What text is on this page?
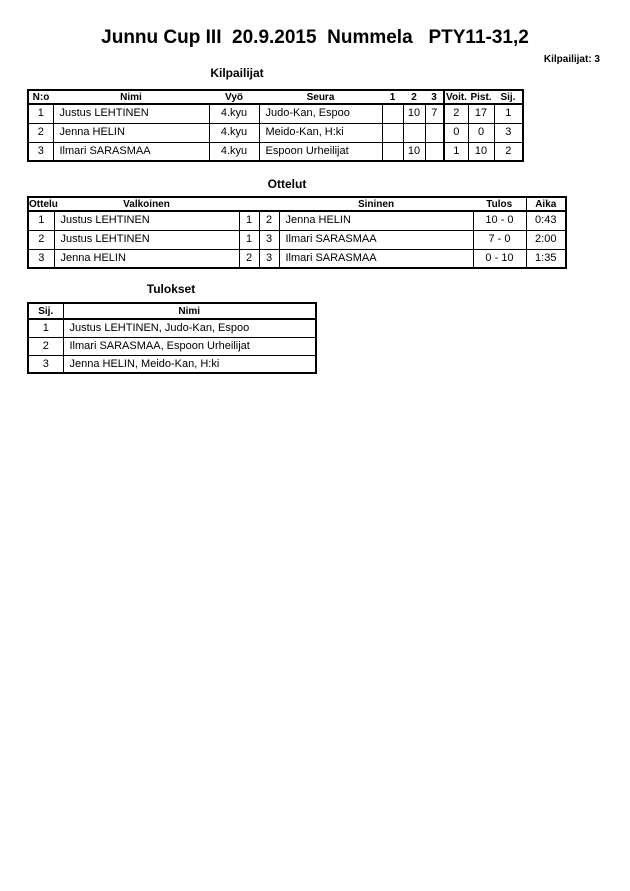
Junnu Cup III  20.9.2015  Nummela   PTY11-31,2
Kilpailijat: 3
Kilpailijat
N:o	Nimi	Vyö	Seura	1	2	3	Voit.	Pist.	Sij.
1	Justus LEHTINEN	4.kyu	Judo-Kan, Espoo		10	7	2	17	1
2	Jenna HELIN	4.kyu	Meido-Kan, H:ki				0	0	3
3	Ilmari SARASMAA	4.kyu	Espoon Urheilijat		10		1	10	2
Ottelut
Ottelu	Valkoinen			Sininen	Tulos	Aika
1	Justus LEHTINEN	1	2	Jenna HELIN	10 - 0	0:43
2	Justus LEHTINEN	1	3	Ilmari SARASMAA	7 - 0	2:00
3	Jenna HELIN	2	3	Ilmari SARASMAA	0 - 10	1:35
Tulokset
Sij.	Nimi
1	Justus LEHTINEN, Judo-Kan, Espoo
2	Ilmari SARASMAA, Espoon Urheilijat
3	Jenna HELIN, Meido-Kan, H:ki
